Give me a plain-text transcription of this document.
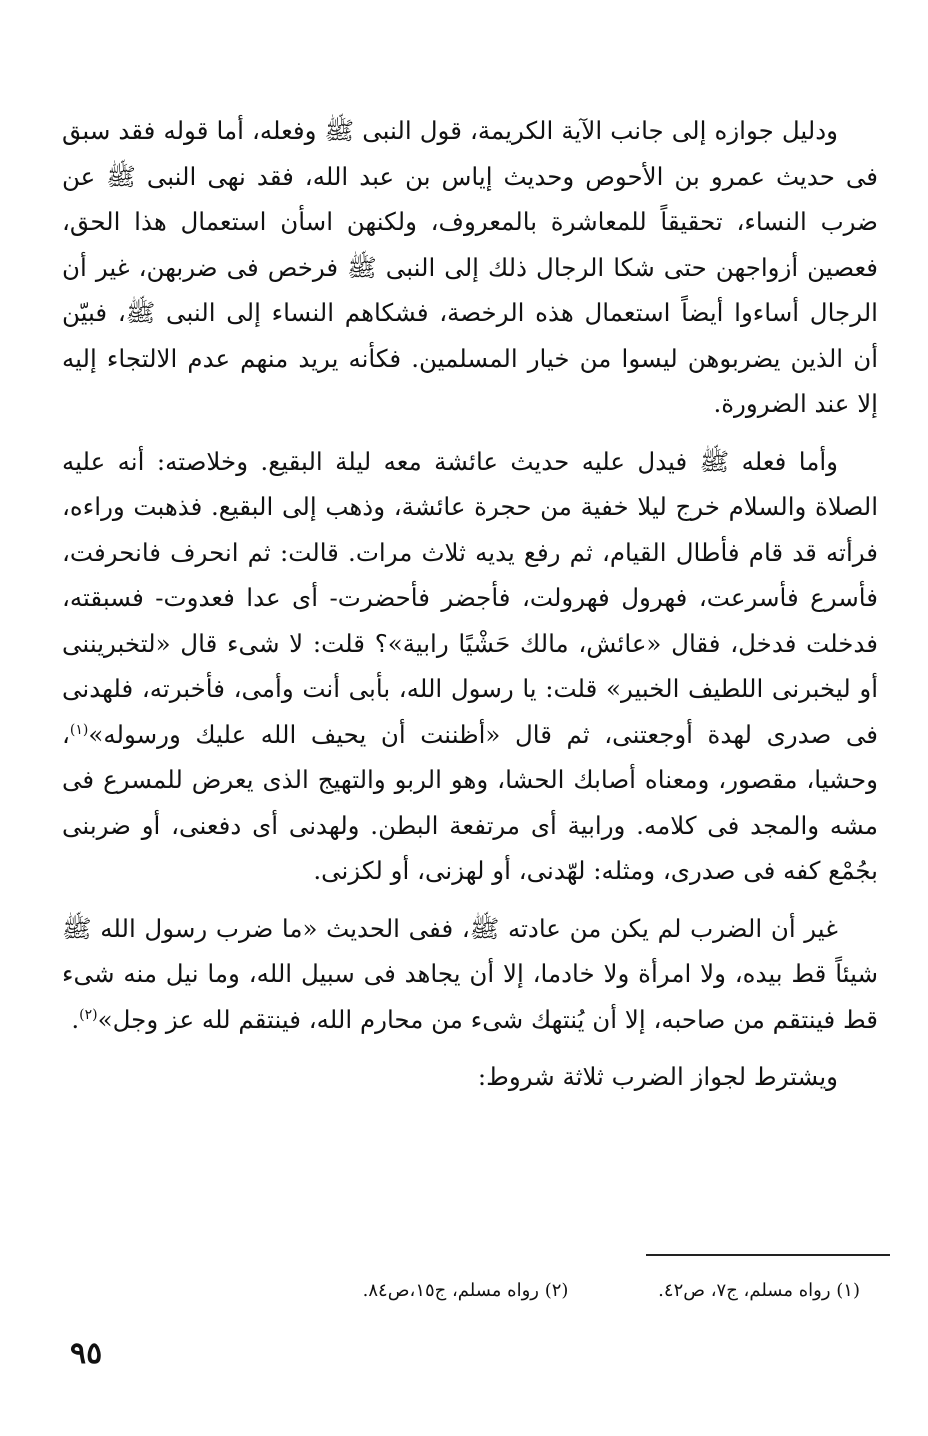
ودليل جوازه إلى جانب الآية الكريمة، قول النبى ﷺ وفعله، أما قوله فقد سبق فى حديث عمرو بن الأحوص وحديث إياس بن عبد الله، فقد نهى النبى ﷺ عن ضرب النساء، تحقيقاً للمعاشرة بالمعروف، ولكنهن اسأن استعمال هذا الحق، فعصين أزواجهن حتى شكا الرجال ذلك إلى النبى ﷺ فرخص فى ضربهن، غير أن الرجال أساءوا أيضاً استعمال هذه الرخصة، فشكاهم النساء إلى النبى ﷺ، فبيّن أن الذين يضربوهن ليسوا من خيار المسلمين. فكأنه يريد منهم عدم الالتجاء إليه إلا عند الضرورة.

وأما فعله ﷺ فيدل عليه حديث عائشة معه ليلة البقيع. وخلاصته: أنه عليه الصلاة والسلام خرج ليلا خفية من حجرة عائشة، وذهب إلى البقيع. فذهبت وراءه، فرأته قد قام فأطال القيام، ثم رفع يديه ثلاث مرات. قالت: ثم انحرف فانحرفت، فأسرع فأسرعت، فهرول فهرولت، فأجضر فأحضرت- أى عدا فعدوت- فسبقته، فدخلت فدخل، فقال «عائش، مالك حَشْيًا رابية»؟ قلت: لا شىء قال «لتخبريننى أو ليخبرنى اللطيف الخبير» قلت: يا رسول الله، بأبى أنت وأمى، فأخبرته، فلهدنى فى صدرى لهدة أوجعتنى، ثم قال «أظننت أن يحيف الله عليك ورسوله»$^{(١)}$، وحشيا، مقصور، ومعناه أصابك الحشا، وهو الربو والتهيج الذى يعرض للمسرع فى مشه والمجد فى كلامه. ورابية أى مرتفعة البطن. ولهدنى أى دفعنى، أو ضربنى بجُمْع كفه فى صدرى، ومثله: لهّدنى، أو لهزنى، أو لكزنى.

غير أن الضرب لم يكن من عادته ﷺ، ففى الحديث «ما ضرب رسول الله ﷺ شيئاً قط بيده، ولا امرأة ولا خادما، إلا أن يجاهد فى سبيل الله، وما نيل منه شىء قط فينتقم من صاحبه، إلا أن يُنتهك شىء من محارم الله، فينتقم لله عز وجل»$^{(٢)}$.

ويشترط لجواز الضرب ثلاثة شروط:

(١) رواه مسلم، ج٧، ص٤٢. (٢) رواه مسلم، ج١٥،ص٨٤.
٩٥
